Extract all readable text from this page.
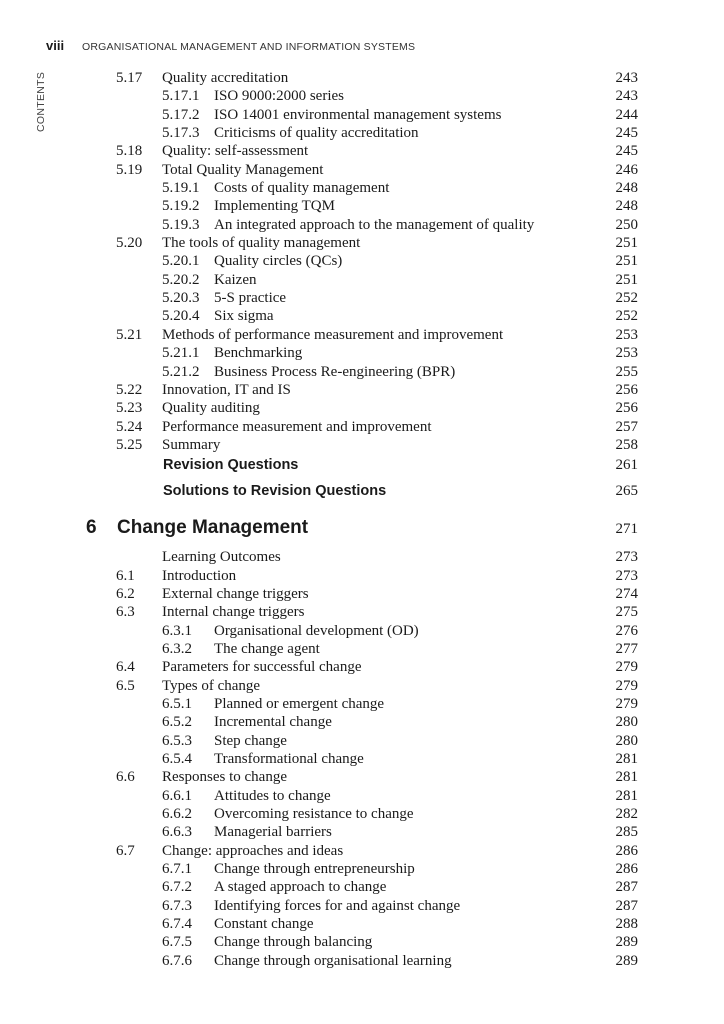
viii ORGANISATIONAL MANAGEMENT AND INFORMATION SYSTEMS
CONTENTS	5.17 Quality accreditation	243
5.17.1 ISO 9000:2000 series	243
5.17.2 ISO 14001 environmental management systems	244
5.17.3 Criticisms of quality accreditation	245
5.18 Quality: self-assessment	245
5.19 Total Quality Management	246
5.19.1 Costs of quality management	248
5.19.2 Implementing TQM	248
5.19.3 An integrated approach to the management of quality	250
5.20 The tools of quality management	251
5.20.1 Quality circles (QCs)	251
5.20.2 Kaizen	251
5.20.3 5-S practice	252
5.20.4 Six sigma	252
5.21 Methods of performance measurement and improvement	253
5.21.1 Benchmarking	253
5.21.2 Business Process Re-engineering (BPR)	255
5.22 Innovation, IT and IS	256
5.23 Quality auditing	256
5.24 Performance measurement and improvement	257
5.25 Summary	258
Revision Questions	261
Solutions to Revision Questions	265
6 Change Management	271
Learning Outcomes	273
6.1 Introduction	273
6.2 External change triggers	274
6.3 Internal change triggers	275
6.3.1 Organisational development (OD)	276
6.3.2 The change agent	277
6.4 Parameters for successful change	279
6.5 Types of change	279
6.5.1 Planned or emergent change	279
6.5.2 Incremental change	280
6.5.3 Step change	280
6.5.4 Transformational change	281
6.6 Responses to change	281
6.6.1 Attitudes to change	281
6.6.2 Overcoming resistance to change	282
6.6.3 Managerial barriers	285
6.7 Change: approaches and ideas	286
6.7.1 Change through entrepreneurship	286
6.7.2 A staged approach to change	287
6.7.3 Identifying forces for and against change	287
6.7.4 Constant change	288
6.7.5 Change through balancing	289
6.7.6 Change through organisational learning	289
